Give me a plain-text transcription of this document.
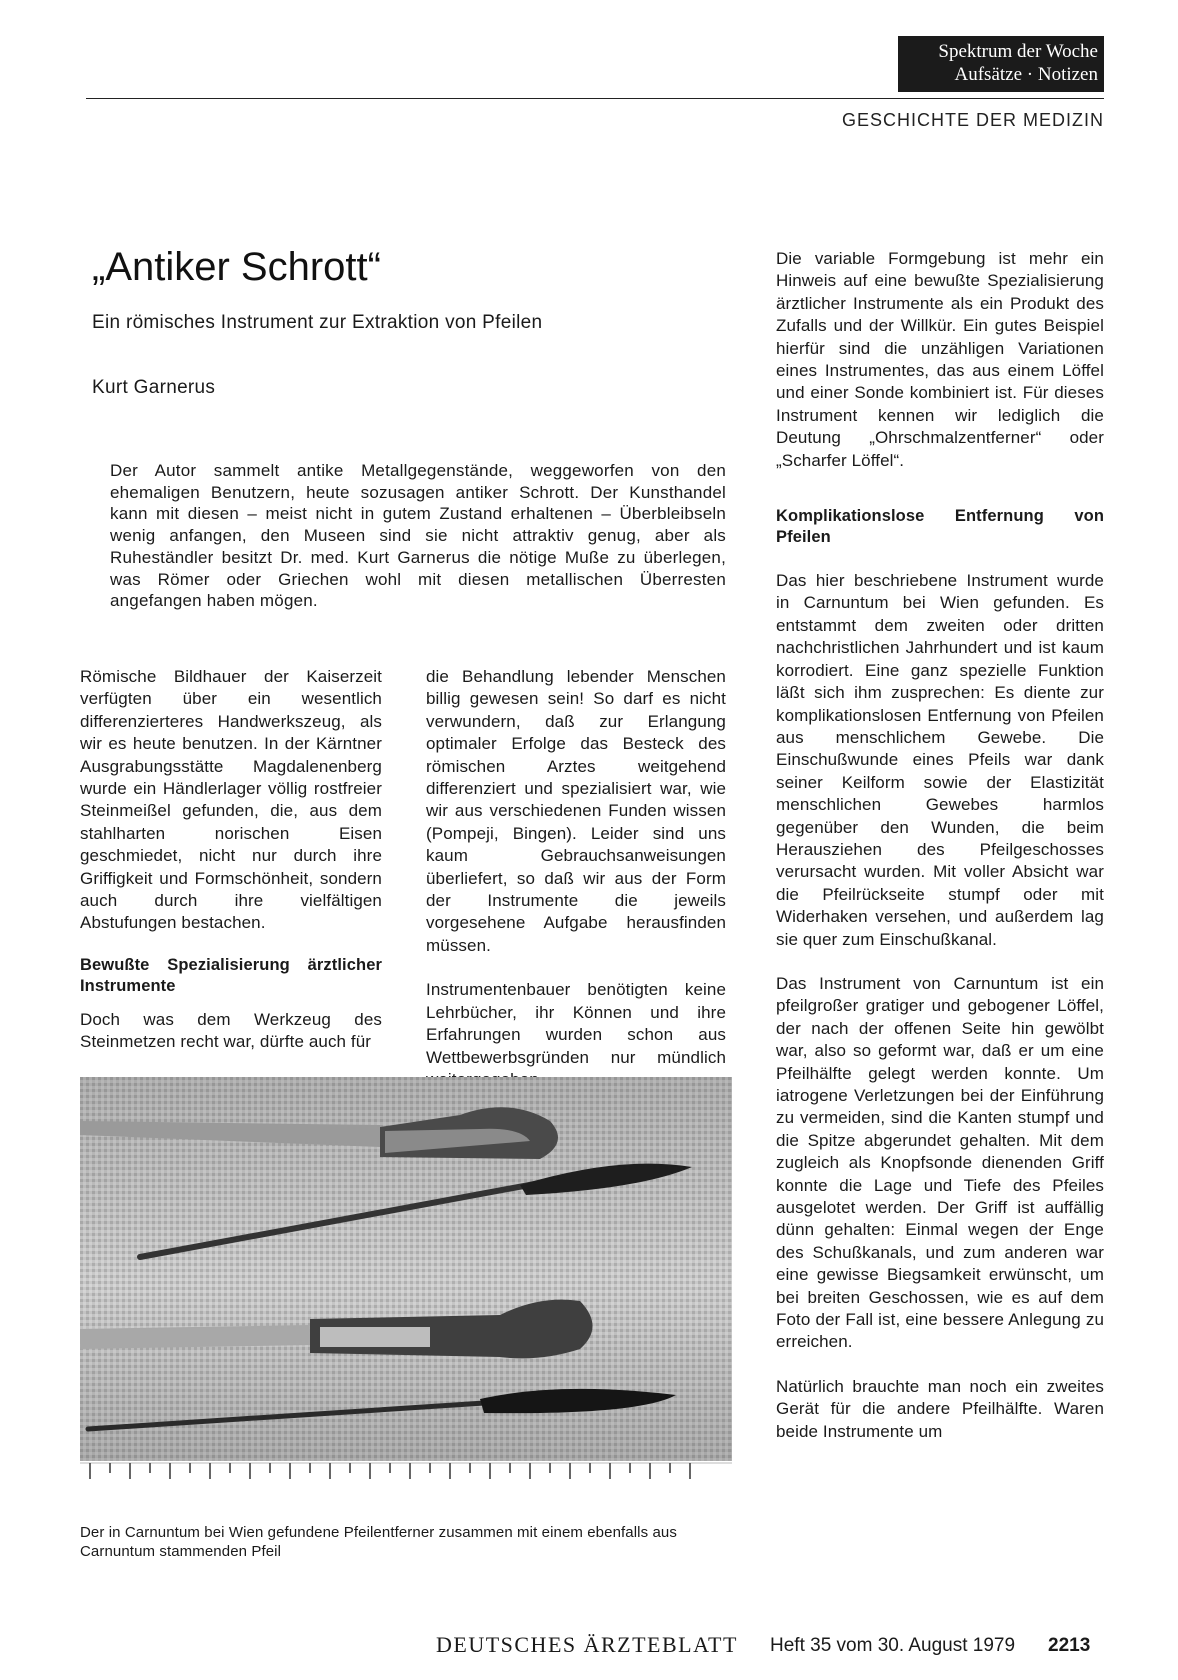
Spektrum der Woche
Aufsätze · Notizen
GESCHICHTE DER MEDIZIN
„Antiker Schrott“
Ein römisches Instrument zur Extraktion von Pfeilen
Kurt Garnerus
Der Autor sammelt antike Metallgegenstände, weggeworfen von den ehemaligen Benutzern, heute sozusagen antiker Schrott. Der Kunsthandel kann mit diesen – meist nicht in gutem Zustand erhaltenen – Überbleibseln wenig anfangen, den Museen sind sie nicht attraktiv genug, aber als Ruheständler besitzt Dr. med. Kurt Garnerus die nötige Muße zu überlegen, was Römer oder Griechen wohl mit diesen metallischen Überresten angefangen haben mögen.

Römische Bildhauer der Kaiserzeit verfügten über ein wesentlich differenzierteres Handwerkszeug, als wir es heute benutzen. In der Kärntner Ausgrabungsstätte Magdalenenberg wurde ein Händlerlager völlig rostfreier Steinmeißel gefunden, die, aus dem stahlharten norischen Eisen geschmiedet, nicht nur durch ihre Griffigkeit und Formschönheit, sondern auch durch ihre vielfältigen Abstufungen bestachen.

Bewußte Spezialisierung ärztlicher Instrumente

Doch was dem Werkzeug des Steinmetzen recht war, dürfte auch für

die Behandlung lebender Menschen billig gewesen sein! So darf es nicht verwundern, daß zur Erlangung optimaler Erfolge das Besteck des römischen Arztes weitgehend differenziert und spezialisiert war, wie wir aus verschiedenen Funden wissen (Pompeji, Bingen). Leider sind uns kaum Gebrauchsanweisungen überliefert, so daß wir aus der Form der Instrumente die jeweils vorgesehene Aufgabe herausfinden müssen.

Instrumentenbauer benötigten keine Lehrbücher, ihr Können und ihre Erfahrungen wurden schon aus Wettbewerbsgründen nur mündlich

Die variable Formgebung ist mehr ein Hinweis auf eine bewußte Spezialisierung ärztlicher Instrumente als ein Produkt des Zufalls und der Willkür. Ein gutes Beispiel hierfür sind die unzähligen Variationen eines Instrumentes, das aus einem Löffel und einer Sonde kombiniert ist. Für dieses Instrument kennen wir lediglich die Deutung „Ohrschmalzentferner“ oder „Scharfer Löffel“.

Komplikationslose Entfernung von Pfeilen

Das hier beschriebene Instrument wurde in Carnuntum bei Wien gefunden. Es entstammt dem zweiten oder dritten nachchristlichen Jahrhundert und ist kaum korrodiert. Eine ganz spezielle Funktion läßt sich ihm zusprechen: Es diente zur komplikationslosen Entfernung von Pfeilen aus menschlichem Gewebe. Die Einschußwunde eines Pfeils war dank seiner Keilform sowie der Elastizität menschlichen Gewebes harmlos gegenüber den Wunden, die beim Herausziehen des Pfeilgeschosses verursacht wurden. Mit voller Absicht war die Pfeilrückseite stumpf oder mit Widerhaken versehen, und außerdem lag sie quer zum Einschußkanal.

Das Instrument von Carnuntum ist ein pfeilgroßer gratiger und gebogener Löffel, der nach der offenen Seite hin gewölbt war, also so geformt war, daß er um eine Pfeilhälfte gelegt werden konnte. Um iatrogene Verletzungen bei der Einführung zu vermeiden, sind die Kanten stumpf und die Spitze abgerundet gehalten. Mit dem zugleich als Knopfsonde dienenden Griff konnte die Lage und Tiefe des Pfeiles ausgelotet werden. Der Griff ist auffällig dünn gehalten: Einmal wegen der Enge des Schußkanals, und zum anderen war eine gewisse Biegsamkeit erwünscht, um bei breiten Geschossen, wie es auf dem Foto der Fall ist, eine bessere Anlegung zu erreichen.

Natürlich brauchte man noch ein zweites Gerät für die andere Pfeilhälfte. Waren beide Instrumente um

Der in Carnuntum bei Wien gefundene Pfeilentferner zusammen mit einem ebenfalls aus Carnuntum stammenden Pfeil
DEUTSCHES ÄRZTEBLATT Heft 35 vom 30. August 1979 2213
